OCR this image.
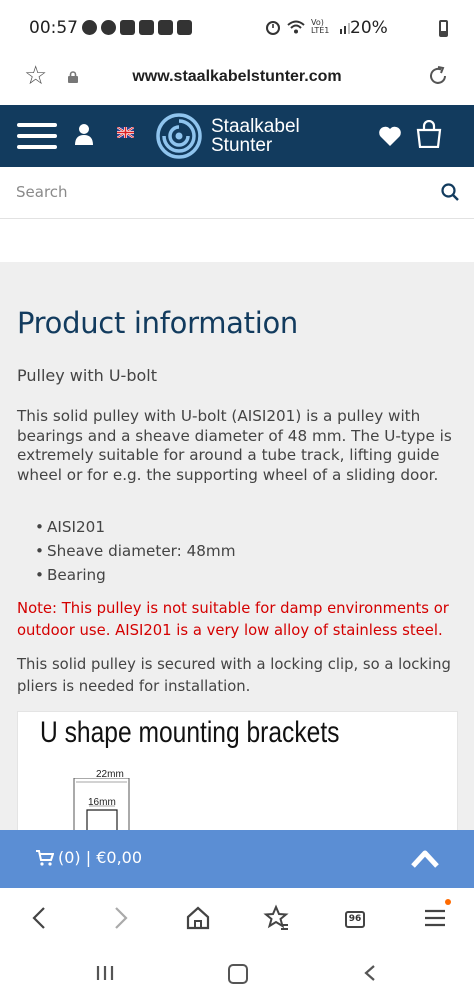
00:57	Vo) LTE1 20%
☆	www.staalkabelstunter.com
Staalkabel
Stunter
Search
Product information
Pulley with U-bolt

This solid pulley with U-bolt (AISI201) is a pulley with bearings and a sheave diameter of 48 mm. The U-type is extremely suitable for around a tube track, lifting guide wheel or for e.g. the supporting wheel of a sliding door.

• AISI201
• Sheave diameter: 48mm
• Bearing

Note: This pulley is not suitable for damp environments or outdoor use. AISI201 is a very low alloy of stainless steel.

This solid pulley is secured with a locking clip, so a locking pliers is needed for installation.

U shape mounting brackets
22mm
16mm
(0) | €0,00
96
